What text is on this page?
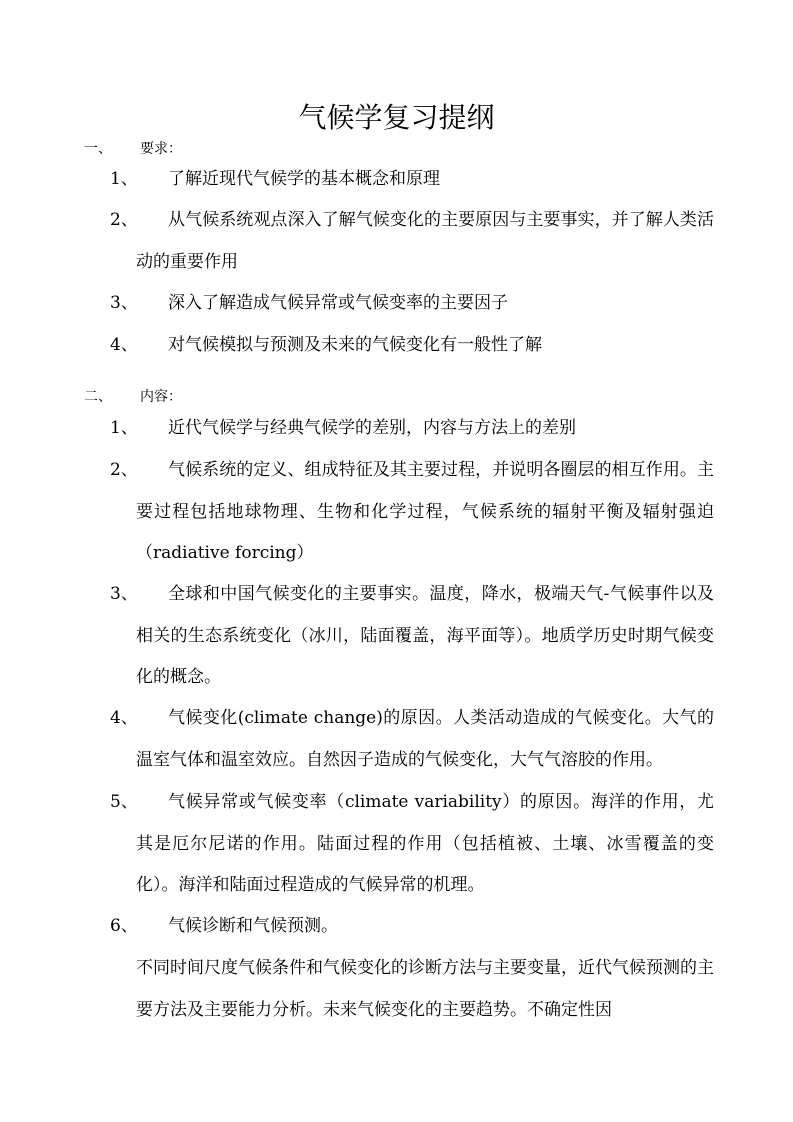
气候学复习提纲
一、 要求：
1、	了解近现代气候学的基本概念和原理
2、	从气候系统观点深入了解气候变化的主要原因与主要事实，并了解人类活动的重要作用
3、	深入了解造成气候异常或气候变率的主要因子
4、	对气候模拟与预测及未来的气候变化有一般性了解
二、 内容：
1、	近代气候学与经典气候学的差别，内容与方法上的差别
2、	气候系统的定义、组成特征及其主要过程，并说明各圈层的相互作用。主要过程包括地球物理、生物和化学过程，气候系统的辐射平衡及辐射强迫（radiative forcing）
3、	全球和中国气候变化的主要事实。温度，降水，极端天气-气候事件以及相关的生态系统变化（冰川，陆面覆盖，海平面等）。地质学历史时期气候变化的概念。
4、	气候变化(climate change)的原因。人类活动造成的气候变化。大气的温室气体和温室效应。自然因子造成的气候变化，大气气溶胶的作用。
5、	气候异常或气候变率（climate variability）的原因。海洋的作用，尤其是厄尔尼诺的作用。陆面过程的作用（包括植被、土壤、冰雪覆盖的变化）。海洋和陆面过程造成的气候异常的机理。
6、	气候诊断和气候预测。
不同时间尺度气候条件和气候变化的诊断方法与主要变量，近代气候预测的主要方法及主要能力分析。未来气候变化的主要趋势。不确定性因
